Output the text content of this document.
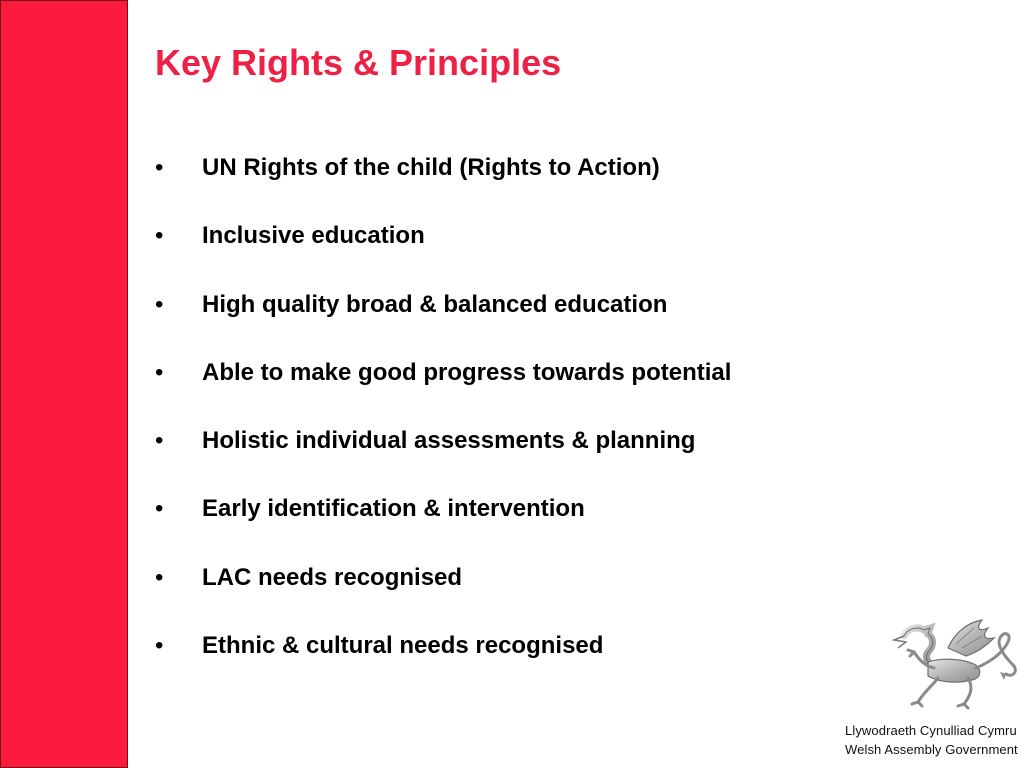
Key Rights & Principles
•	UN Rights of the child (Rights to Action)
•	Inclusive education
•	High quality broad & balanced education
•	Able to make good progress towards potential
•	Holistic individual assessments & planning
•	Early identification & intervention
•	LAC needs recognised
•	Ethnic & cultural needs recognised
Llywodraeth Cynulliad Cymru
Welsh Assembly Government
